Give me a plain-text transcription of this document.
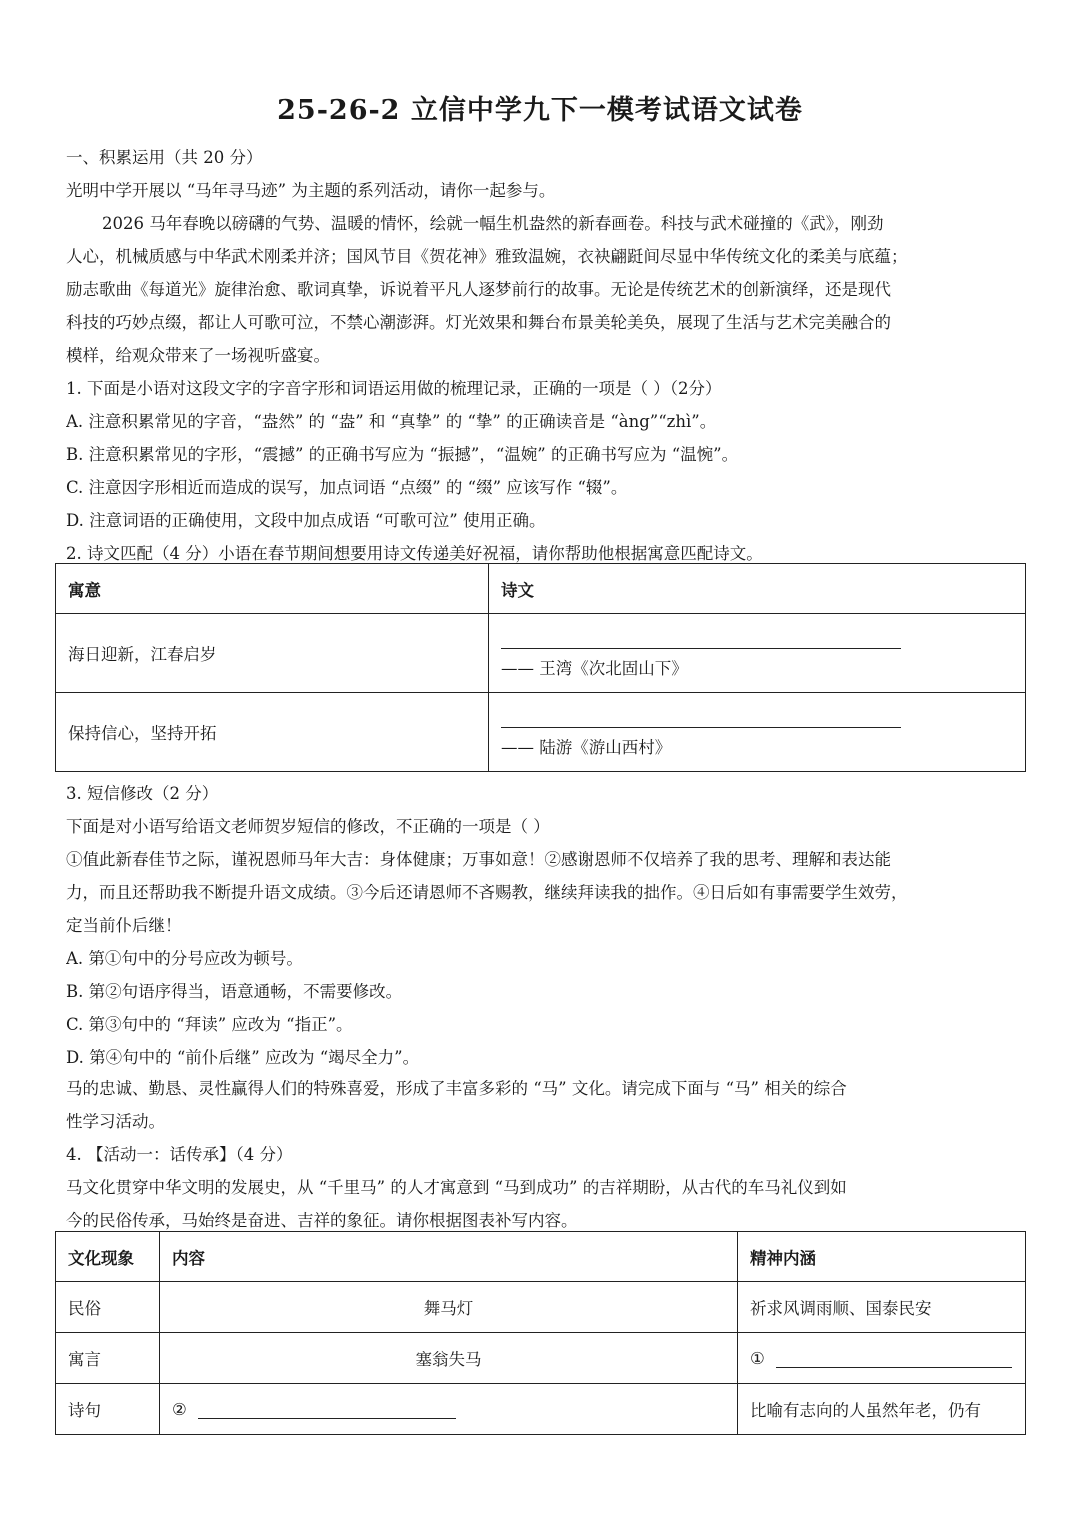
25-26-2 立信中学九下一模考试语文试卷
一、积累运用（共 20 分）
光明中学开展以 “马年寻马迹” 为主题的系列活动，请你一起参与。
2026 马年春晚以磅礴的气势、温暖的情怀，绘就一幅生机盎然的新春画卷。科技与武术碰撞的《武》，刚劲
人心，机械质感与中华武术刚柔并济；国风节目《贺花神》雅致温婉，衣袂翩跹间尽显中华传统文化的柔美与底蕴；
励志歌曲《每道光》旋律治愈、歌词真挚，诉说着平凡人逐梦前行的故事。无论是传统艺术的创新演绎，还是现代
科技的巧妙点缀，都让人可歌可泣，不禁心潮澎湃。灯光效果和舞台布景美轮美奂，展现了生活与艺术完美融合的
模样，给观众带来了一场视听盛宴。
1. 下面是小语对这段文字的字音字形和词语运用做的梳理记录，正确的一项是（ ）（2分）
A. 注意积累常见的字音，“盎然” 的 “盎” 和 “真挚” 的 “挚” 的正确读音是 “àng”“zhì”。
B. 注意积累常见的字形，“震撼” 的正确书写应为 “振撼”，“温婉” 的正确书写应为 “温惋”。
C. 注意因字形相近而造成的误写，加点词语 “点缀” 的 “缀” 应该写作 “辍”。
D. 注意词语的正确使用，文段中加点成语 “可歌可泣” 使用正确。
2. 诗文匹配（4 分）小语在春节期间想要用诗文传递美好祝福，请你帮助他根据寓意匹配诗文。
寓意	诗文
海日迎新，江春启岁	—— 王湾《次北固山下》

保持信心，坚持开拓	—— 陆游《游山西村》
3. 短信修改（2 分）
下面是对小语写给语文老师贺岁短信的修改，不正确的一项是（ ）
①值此新春佳节之际，谨祝恩师马年大吉：身体健康；万事如意！②感谢恩师不仅培养了我的思考、理解和表达能
力，而且还帮助我不断提升语文成绩。③今后还请恩师不吝赐教，继续拜读我的拙作。④日后如有事需要学生效劳，
定当前仆后继！
A. 第①句中的分号应改为顿号。
B. 第②句语序得当，语意通畅，不需要修改。
C. 第③句中的 “拜读” 应改为 “指正”。
D. 第④句中的 “前仆后继” 应改为 “竭尽全力”。
马的忠诚、勤恳、灵性赢得人们的特殊喜爱，形成了丰富多彩的 “马” 文化。请完成下面与 “马” 相关的综合
性学习活动。
4. 【活动一：话传承】（4 分）
马文化贯穿中华文明的发展史，从 “千里马” 的人才寓意到 “马到成功” 的吉祥期盼，从古代的车马礼仪到如
今的民俗传承，马始终是奋进、吉祥的象征。请你根据图表补写内容。
文化现象	内容	精神内涵
民俗	舞马灯	祈求风调雨顺、国泰民安
寓言	塞翁失马	①
诗句	②	比喻有志向的人虽然年老，仍有
